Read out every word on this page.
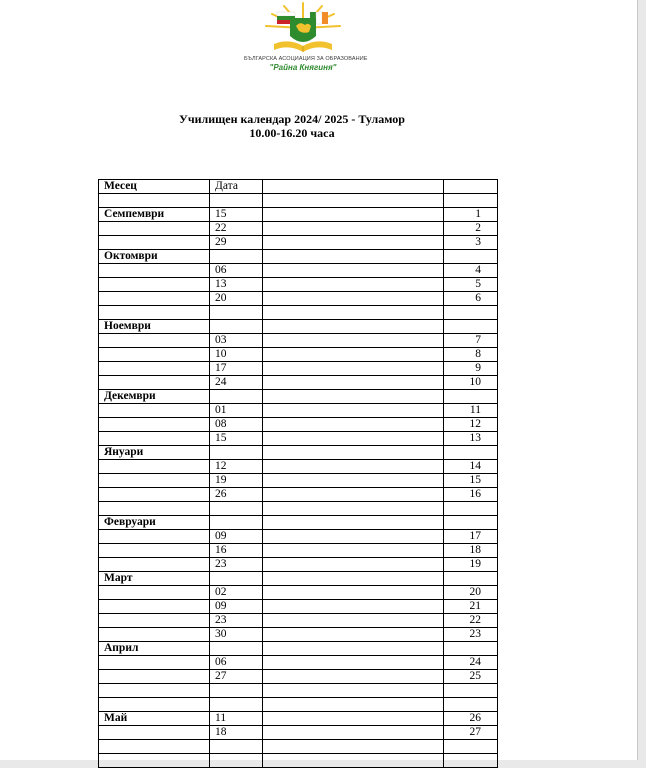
БЪЛГАРСКА АСОЦИАЦИЯ ЗА ОБРАЗОВАНИЕ
"Райна Княгиня"
Училищен календар 2024/ 2025 - Туламор
10.00-16.20 часа
Месец	Дата		

Семпември	15		1
	22		2
	29		3
Октомври			
	06		4
	13		5
	20		6

Ноември			
	03		7
	10		8
	17		9
	24		10
Декември			
	01		11
	08		12
	15		13
Януари			
	12		14
	19		15
	26		16

Февруари			
	09		17
	16		18
	23		19
Март			
	02		20
	09		21
	23		22
	30		23
Април			
	06		24
	27		25

Май	11		26
	18		27
